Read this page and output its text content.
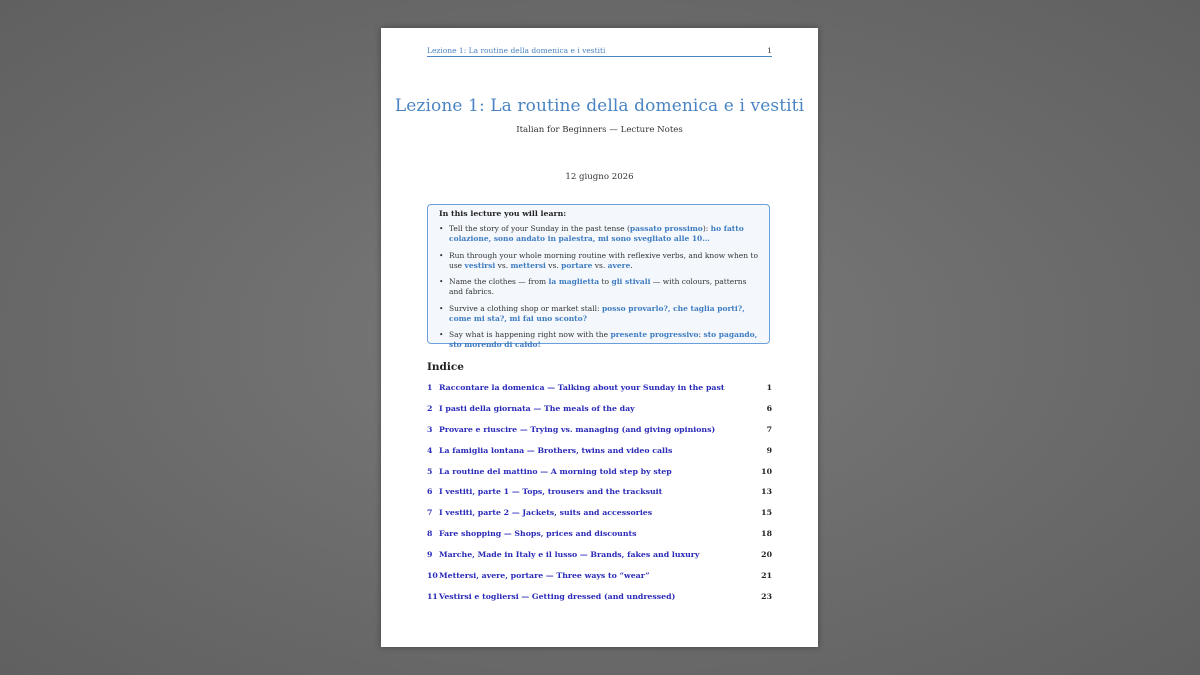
Lezione 1: La routine della domenica e i vestiti	1
Lezione 1: La routine della domenica e i vestiti
Italian for Beginners — Lecture Notes
12 giugno 2026
In this lecture you will learn:
• Tell the story of your Sunday in the past tense (passato prossimo): ho fatto colazione, sono andato in palestra, mi sono svegliato alle 10…
• Run through your whole morning routine with reflexive verbs, and know when to use vestirsi vs. mettersi vs. portare vs. avere.
• Name the clothes — from la maglietta to gli stivali — with colours, patterns and fabrics.
• Survive a clothing shop or market stall: posso provarlo?, che taglia porti?, come mi sta?, mi fai uno sconto?
• Say what is happening right now with the presente progressivo: sto pagando, sto morendo di caldo!
Indice
1 Raccontare la domenica — Talking about your Sunday in the past	1
2 I pasti della giornata — The meals of the day	6
3 Provare e riuscire — Trying vs. managing (and giving opinions)	7
4 La famiglia lontana — Brothers, twins and video calls	9
5 La routine del mattino — A morning told step by step	10
6 I vestiti, parte 1 — Tops, trousers and the tracksuit	13
7 I vestiti, parte 2 — Jackets, suits and accessories	15
8 Fare shopping — Shops, prices and discounts	18
9 Marche, Made in Italy e il lusso — Brands, fakes and luxury	20
10 Mettersi, avere, portare — Three ways to “wear”	21
11 Vestirsi e togliersi — Getting dressed (and undressed)	23
